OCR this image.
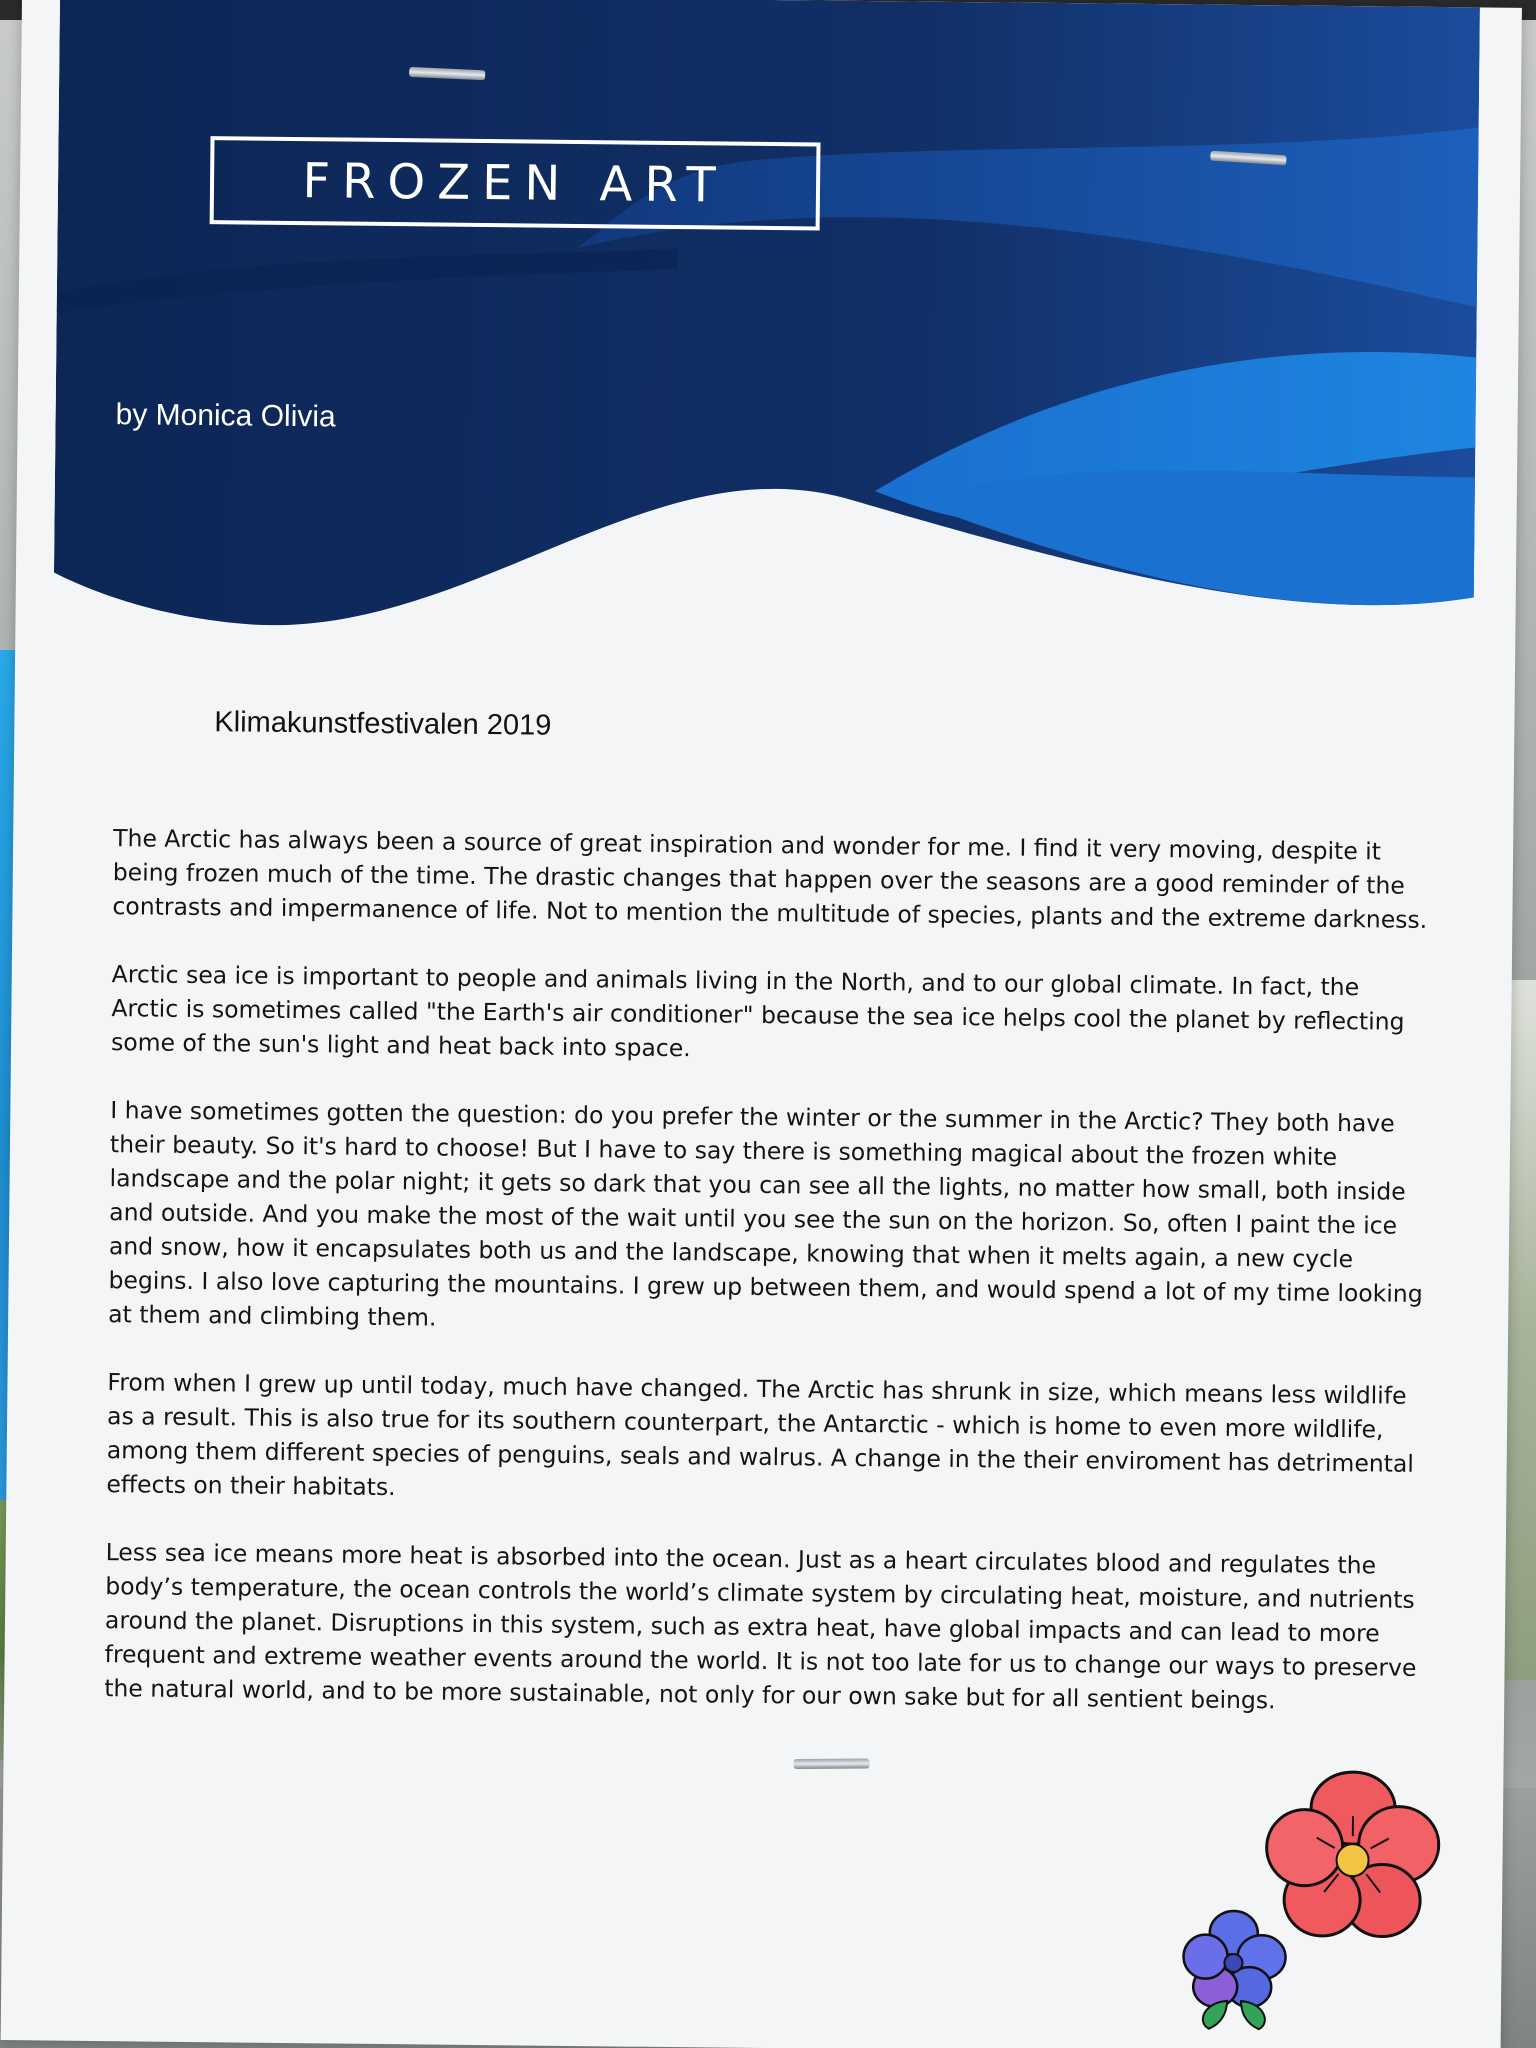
FROZEN ART
by Monica Olivia
Klimakunstfestivalen 2019

The Arctic has always been a source of great inspiration and wonder for me. I find it very moving, despite it being frozen much of the time. The drastic changes that happen over the seasons are a good reminder of the contrasts and impermanence of life. Not to mention the multitude of species, plants and the extreme darkness.

Arctic sea ice is important to people and animals living in the North, and to our global climate. In fact, the Arctic is sometimes called "the Earth's air conditioner" because the sea ice helps cool the planet by reflecting some of the sun's light and heat back into space.

I have sometimes gotten the question: do you prefer the winter or the summer in the Arctic? They both have their beauty. So it's hard to choose! But I have to say there is something magical about the frozen white landscape and the polar night; it gets so dark that you can see all the lights, no matter how small, both inside and outside. And you make the most of the wait until you see the sun on the horizon. So, often I paint the ice and snow, how it encapsulates both us and the landscape, knowing that when it melts again, a new cycle begins. I also love capturing the mountains. I grew up between them, and would spend a lot of my time looking at them and climbing them.

From when I grew up until today, much have changed. The Arctic has shrunk in size, which means less wildlife as a result. This is also true for its southern counterpart, the Antarctic - which is home to even more wildlife, among them different species of penguins, seals and walrus. A change in the their enviroment has detrimental effects on their habitats.

Less sea ice means more heat is absorbed into the ocean. Just as a heart circulates blood and regulates the body’s temperature, the ocean controls the world’s climate system by circulating heat, moisture, and nutrients around the planet. Disruptions in this system, such as extra heat, have global impacts and can lead to more frequent and extreme weather events around the world. It is not too late for us to change our ways to preserve the natural world, and to be more sustainable, not only for our own sake but for all sentient beings.
